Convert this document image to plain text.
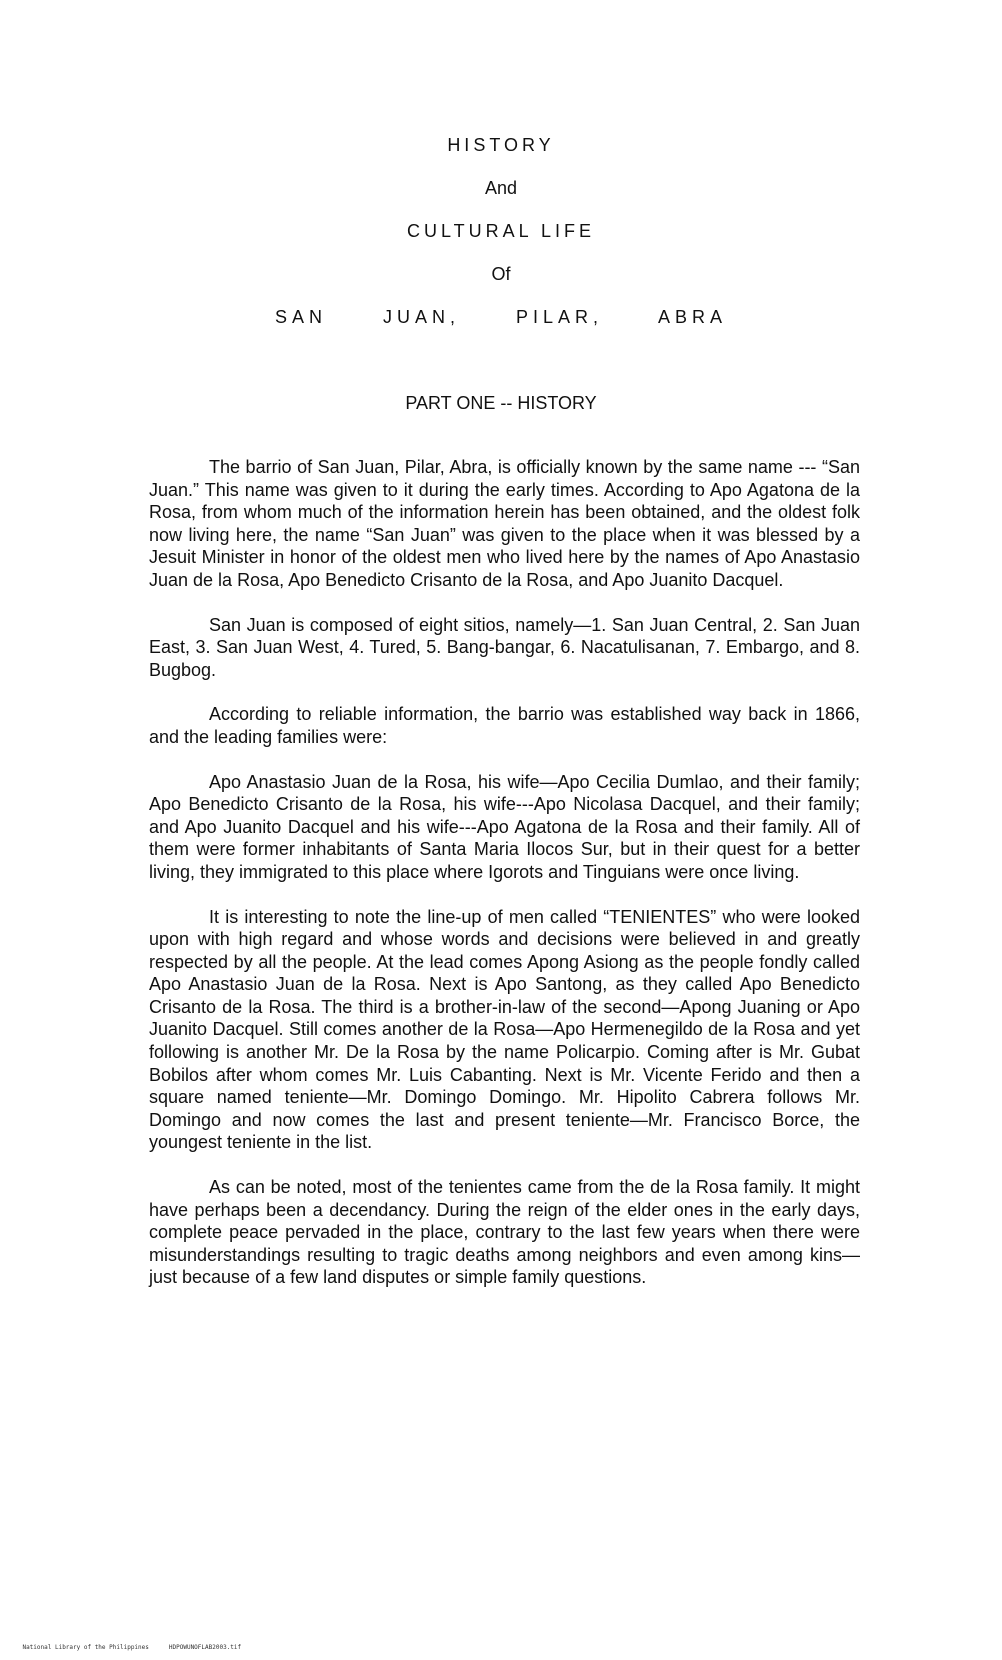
HISTORY
And
CULTURAL LIFE
Of
SAN  JUAN,  PILAR,  ABRA
PART ONE -- HISTORY

The barrio of San Juan, Pilar, Abra, is officially known by the same name --- “San Juan.” This name was given to it during the early times. According to Apo Agatona de la Rosa, from whom much of the information herein has been obtained, and the oldest folk now living here, the name “San Juan” was given to the place when it was blessed by a Jesuit Minister in honor of the oldest men who lived here by the names of Apo Anastasio Juan de la Rosa, Apo Benedicto Crisanto de la Rosa, and Apo Juanito Dacquel.

San Juan is composed of eight sitios, namely—1. San Juan Central, 2. San Juan East, 3. San Juan West, 4. Tured, 5. Bang-bangar, 6. Nacatulisanan, 7. Embargo, and 8. Bugbog.

According to reliable information, the barrio was established way back in 1866, and the leading families were:

Apo Anastasio Juan de la Rosa, his wife—Apo Cecilia Dumlao, and their family; Apo Benedicto Crisanto de la Rosa, his wife---Apo Nicolasa Dacquel, and their family; and Apo Juanito Dacquel and his wife---Apo Agatona de la Rosa and their family. All of them were former inhabitants of Santa Maria Ilocos Sur, but in their quest for a better living, they immigrated to this place where Igorots and Tinguians were once living.

It is interesting to note the line-up of men called “TENIENTES” who were looked upon with high regard and whose words and decisions were believed in and greatly respected by all the people. At the lead comes Apong Asiong as the people fondly called Apo Anastasio Juan de la Rosa. Next is Apo Santong, as they called Apo Benedicto Crisanto de la Rosa. The third is a brother-in-law of the second—Apong Juaning or Apo Juanito Dacquel. Still comes another de la Rosa—Apo Hermenegildo de la Rosa and yet following is another Mr. De la Rosa by the name Policarpio. Coming after is Mr. Gubat Bobilos after whom comes Mr. Luis Cabanting. Next is Mr. Vicente Ferido and then a square named teniente—Mr. Domingo Domingo. Mr. Hipolito Cabrera follows Mr. Domingo and now comes the last and present teniente—Mr. Francisco Borce, the youngest teniente in the list.

As can be noted, most of the tenientes came from the de la Rosa family. It might have perhaps been a decendancy. During the reign of the elder ones in the early days, complete peace pervaded in the place, contrary to the last few years when there were misunderstandings resulting to tragic deaths among neighbors and even among kins—just because of a few land disputes or simple family questions.

National Library of the Philippines	HDPOWUNOFLAB2003.tif
